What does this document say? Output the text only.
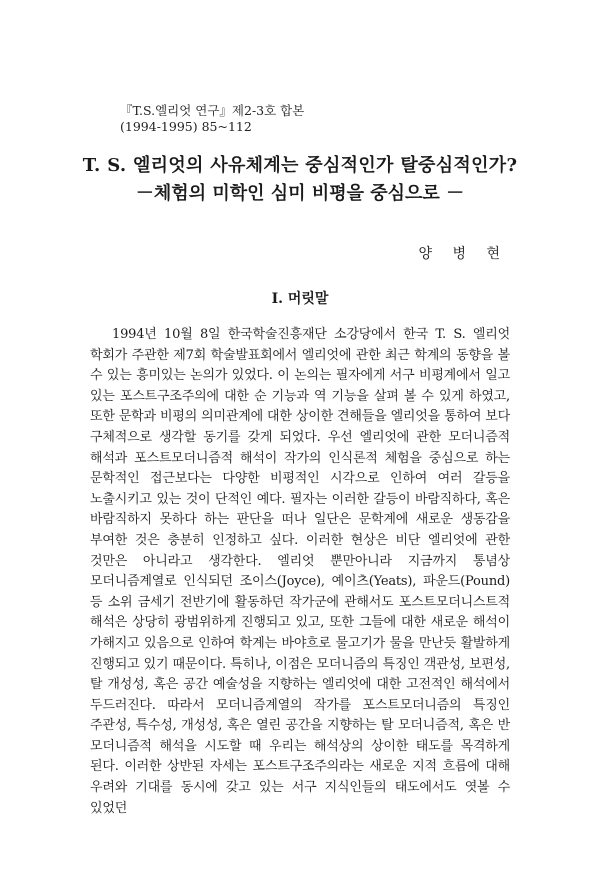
『T.S.엘리엇 연구』제2-3호 합본
(1994-1995) 85~112
T. S. 엘리엇의 사유체계는 중심적인가 탈중심적인가?
－체험의 미학인 심미 비평을 중심으로 －
양 병 현
I. 머릿말

1994년 10월 8일 한국학술진흥재단 소강당에서 한국 T. S. 엘리엇 학회가 주관한 제7회 학술발표회에서 엘리엇에 관한 최근 학계의 동향을 볼 수 있는 흥미있는 논의가 있었다. 이 논의는 필자에게 서구 비평계에서 일고 있는 포스트구조주의에 대한 순 기능과 역 기능을 살펴 볼 수 있게 하였고, 또한 문학과 비평의 의미관계에 대한 상이한 견해들을 엘리엇을 통하여 보다 구체적으로 생각할 동기를 갖게 되었다. 우선 엘리엇에 관한 모더니즘적 해석과 포스트모더니즘적 해석이 작가의 인식론적 체험을 중심으로 하는 문학적인 접근보다는 다양한 비평적인 시각으로 인하여 여러 갈등을 노출시키고 있는 것이 단적인 예다. 필자는 이러한 갈등이 바람직하다, 혹은 바람직하지 못하다 하는 판단을 떠나 일단은 문학계에 새로운 생동감을 부여한 것은 충분히 인정하고 싶다. 이러한 현상은 비단 엘리엇에 관한 것만은 아니라고 생각한다. 엘리엇 뿐만아니라 지금까지 통념상 모더니즘계열로 인식되던 조이스(Joyce), 예이츠(Yeats), 파운드(Pound)등 소위 금세기 전반기에 활동하던 작가군에 관해서도 포스트모더니스트적 해석은 상당히 광범위하게 진행되고 있고, 또한 그들에 대한 새로운 해석이 가해지고 있음으로 인하여 학계는 바야흐로 물고기가 물을 만난듯 활발하게 진행되고 있기 때문이다. 특히나, 이점은 모더니즘의 특징인 객관성, 보편성, 탈 개성성, 혹은 공간 예술성을 지향하는 엘리엇에 대한 고전적인 해석에서 두드러진다. 따라서 모더니즘계열의 작가를 포스트모더니즘의 특징인 주관성, 특수성, 개성성, 혹은 열린 공간을 지향하는 탈 모더니즘적, 혹은 반 모더니즘적 해석을 시도할 때 우리는 해석상의 상이한 태도를 목격하게 된다. 이러한 상반된 자세는 포스트구조주의라는 새로운 지적 흐름에 대해 우려와 기대를 동시에 갖고 있는 서구 지식인들의 태도에서도 엿볼 수 있었던
